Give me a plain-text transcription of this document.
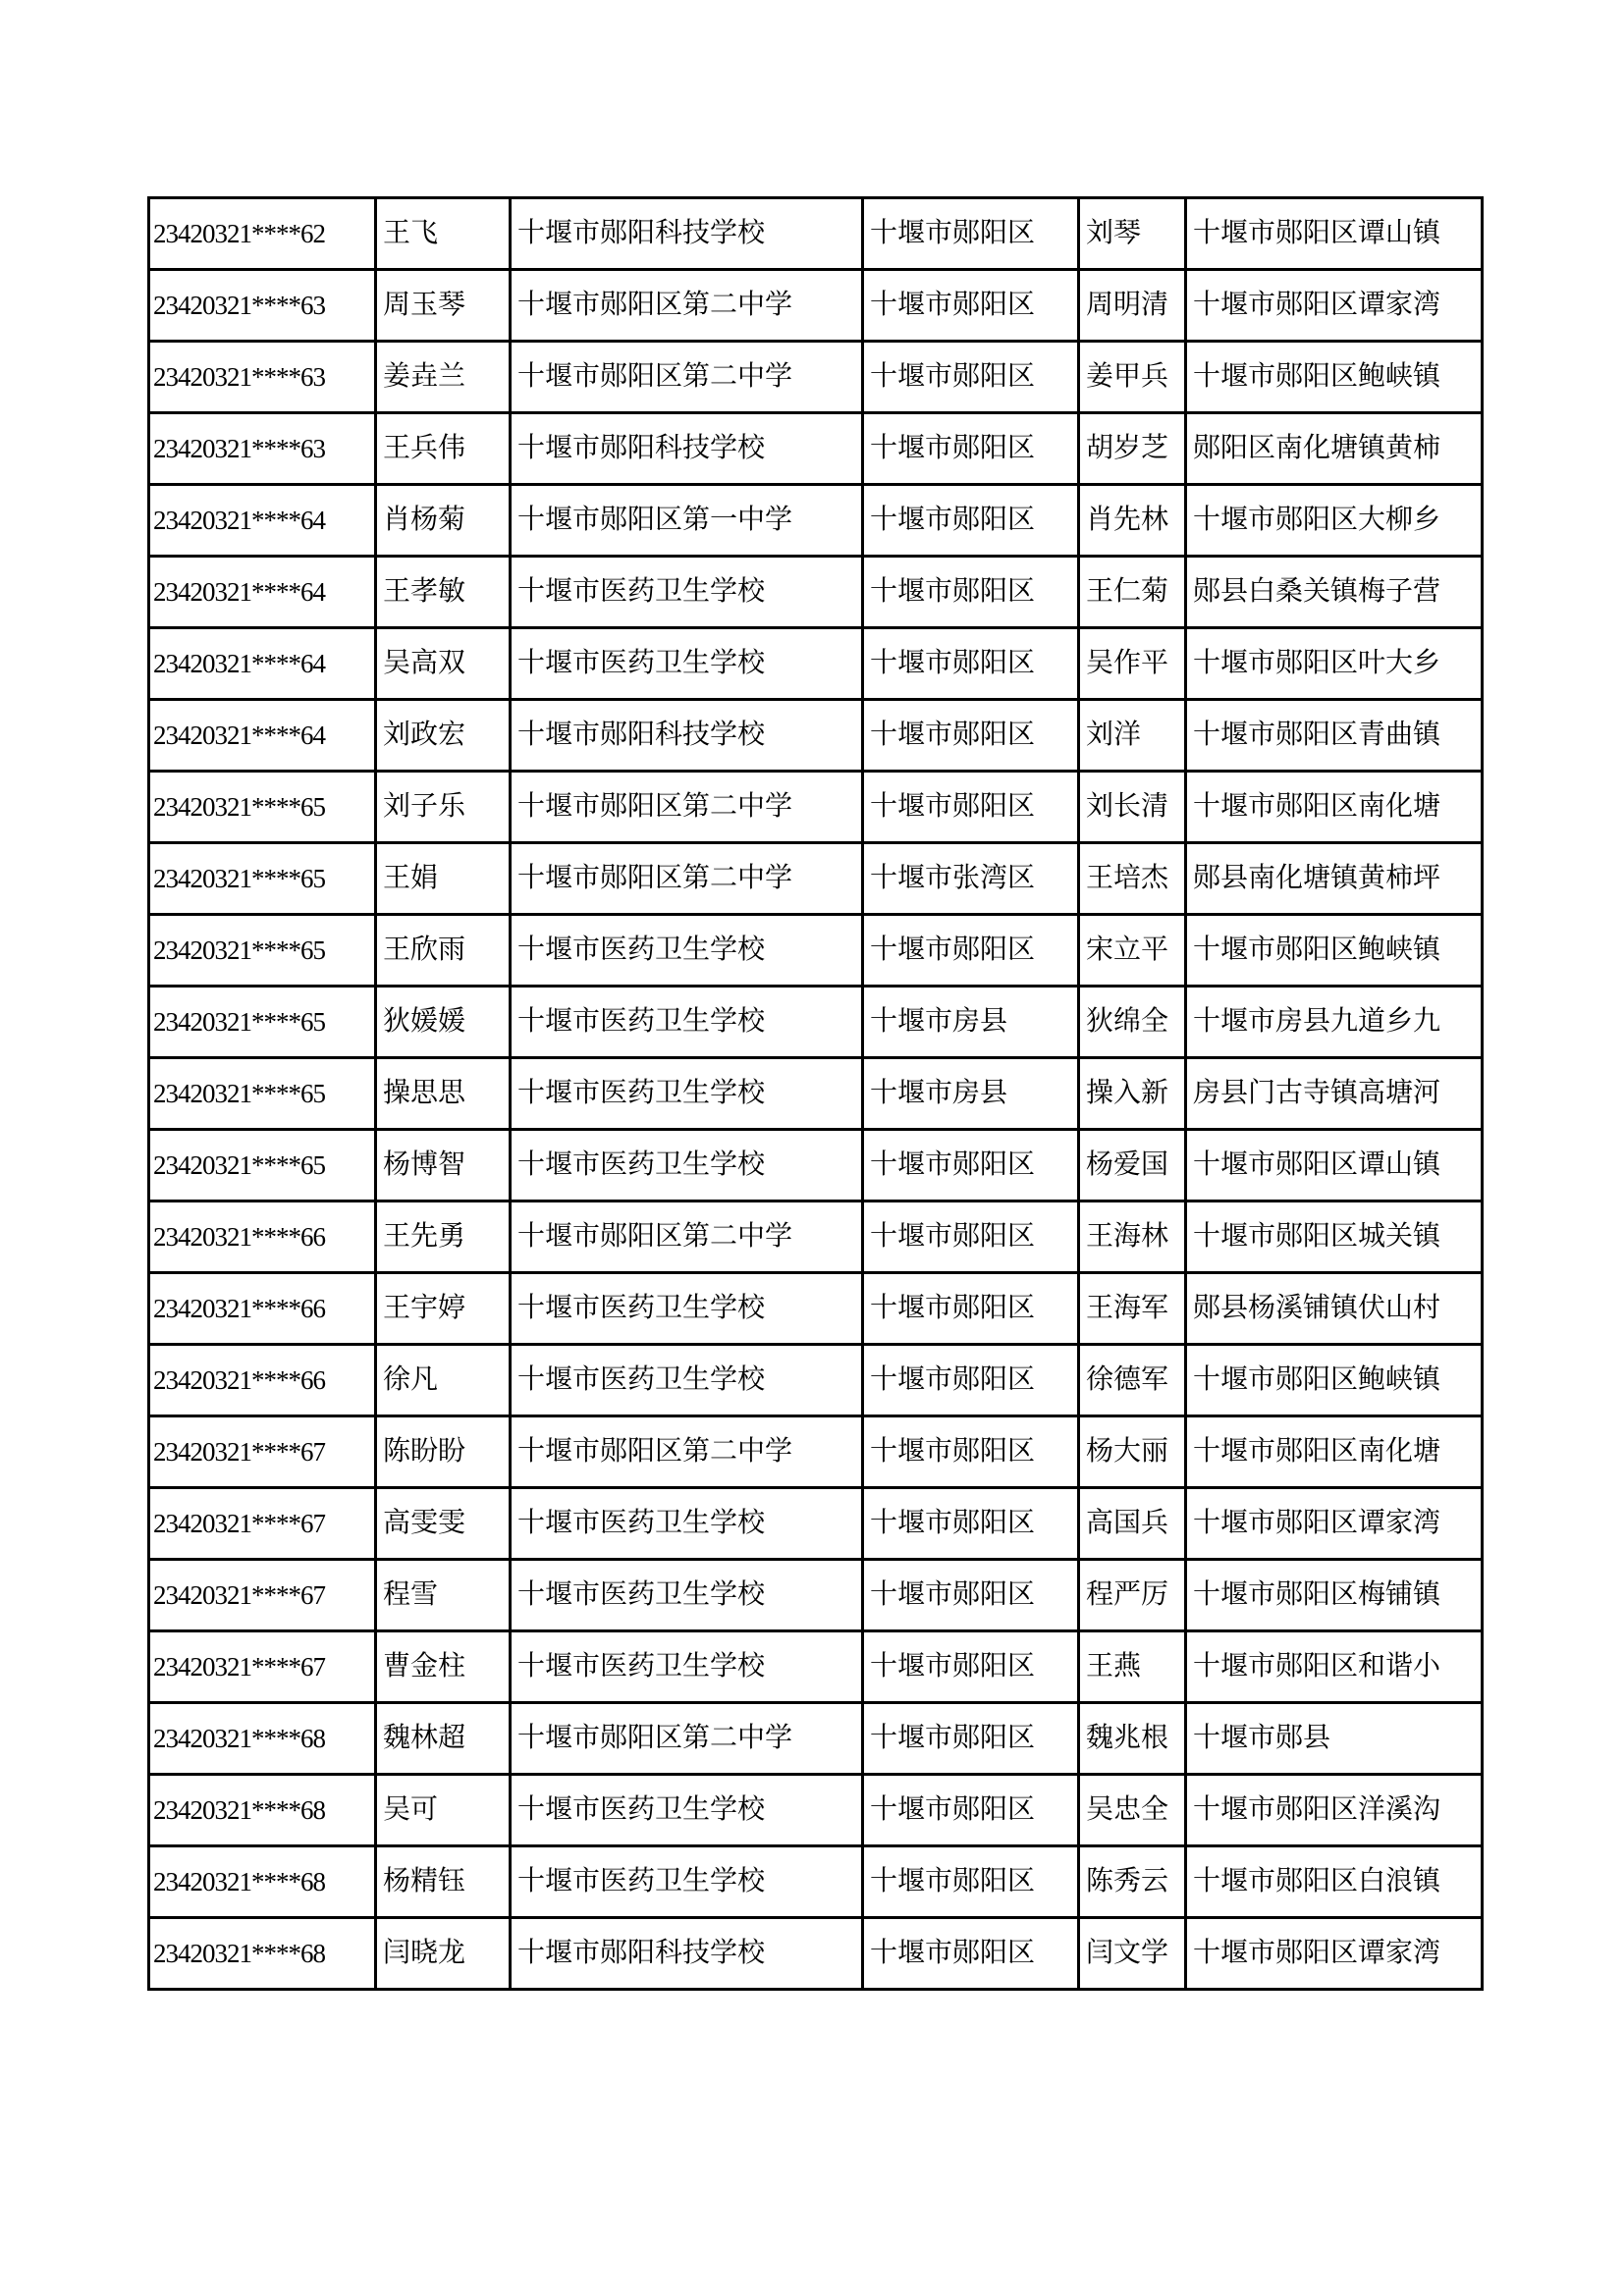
23420321****62	王飞	十堰市郧阳科技学校	十堰市郧阳区	刘琴	十堰市郧阳区谭山镇
23420321****63	周玉琴	十堰市郧阳区第二中学	十堰市郧阳区	周明清	十堰市郧阳区谭家湾
23420321****63	姜垚兰	十堰市郧阳区第二中学	十堰市郧阳区	姜甲兵	十堰市郧阳区鲍峡镇
23420321****63	王兵伟	十堰市郧阳科技学校	十堰市郧阳区	胡岁芝	郧阳区南化塘镇黄柿
23420321****64	肖杨菊	十堰市郧阳区第一中学	十堰市郧阳区	肖先林	十堰市郧阳区大柳乡
23420321****64	王孝敏	十堰市医药卫生学校	十堰市郧阳区	王仁菊	郧县白桑关镇梅子营
23420321****64	吴高双	十堰市医药卫生学校	十堰市郧阳区	吴作平	十堰市郧阳区叶大乡
23420321****64	刘政宏	十堰市郧阳科技学校	十堰市郧阳区	刘洋	十堰市郧阳区青曲镇
23420321****65	刘子乐	十堰市郧阳区第二中学	十堰市郧阳区	刘长清	十堰市郧阳区南化塘
23420321****65	王娟	十堰市郧阳区第二中学	十堰市张湾区	王培杰	郧县南化塘镇黄柿坪
23420321****65	王欣雨	十堰市医药卫生学校	十堰市郧阳区	宋立平	十堰市郧阳区鲍峡镇
23420321****65	狄媛媛	十堰市医药卫生学校	十堰市房县	狄绵全	十堰市房县九道乡九
23420321****65	操思思	十堰市医药卫生学校	十堰市房县	操入新	房县门古寺镇高塘河
23420321****65	杨博智	十堰市医药卫生学校	十堰市郧阳区	杨爱国	十堰市郧阳区谭山镇
23420321****66	王先勇	十堰市郧阳区第二中学	十堰市郧阳区	王海林	十堰市郧阳区城关镇
23420321****66	王宇婷	十堰市医药卫生学校	十堰市郧阳区	王海军	郧县杨溪铺镇伏山村
23420321****66	徐凡	十堰市医药卫生学校	十堰市郧阳区	徐德军	十堰市郧阳区鲍峡镇
23420321****67	陈盼盼	十堰市郧阳区第二中学	十堰市郧阳区	杨大丽	十堰市郧阳区南化塘
23420321****67	高雯雯	十堰市医药卫生学校	十堰市郧阳区	高国兵	十堰市郧阳区谭家湾
23420321****67	程雪	十堰市医药卫生学校	十堰市郧阳区	程严厉	十堰市郧阳区梅铺镇
23420321****67	曹金柱	十堰市医药卫生学校	十堰市郧阳区	王燕	十堰市郧阳区和谐小
23420321****68	魏林超	十堰市郧阳区第二中学	十堰市郧阳区	魏兆根	十堰市郧县
23420321****68	吴可	十堰市医药卫生学校	十堰市郧阳区	吴忠全	十堰市郧阳区洋溪沟
23420321****68	杨精钰	十堰市医药卫生学校	十堰市郧阳区	陈秀云	十堰市郧阳区白浪镇
23420321****68	闫晓龙	十堰市郧阳科技学校	十堰市郧阳区	闫文学	十堰市郧阳区谭家湾
